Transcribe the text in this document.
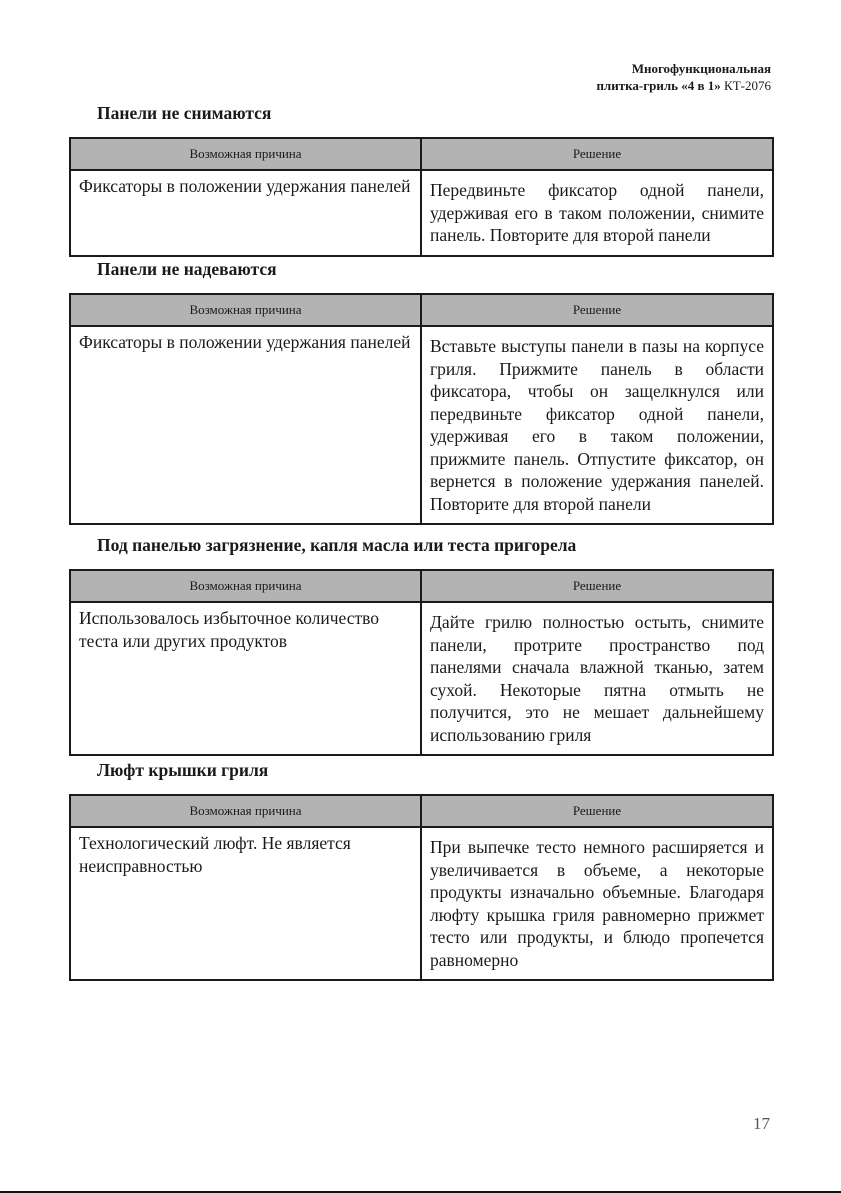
Многофункциональная
плитка-гриль «4 в 1» КТ-2076
Панели не снимаются
Возможная причина	Решение
Фиксаторы в положении удержания панелей	Передвиньте фиксатор одной панели, удерживая его в таком положении, снимите панель. Повторите для второй панели
Панели не надеваются
Возможная причина	Решение
Фиксаторы в положении удержания панелей	Вставьте выступы панели в пазы на корпусе гриля. Прижмите панель в области фиксатора, чтобы он защелкнулся или передвиньте фиксатор одной панели, удерживая его в таком положении, прижмите панель. Отпустите фиксатор, он вернется в положение удержания панелей. Повторите для второй панели
Под панелью загрязнение, капля масла или теста пригорела
Возможная причина	Решение
Использовалось избыточное количество теста или других продуктов	Дайте грилю полностью остыть, снимите панели, протрите пространство под панелями сначала влажной тканью, затем сухой. Некоторые пятна отмыть не получится, это не мешает дальнейшему использованию гриля
Люфт крышки гриля
Возможная причина	Решение
Технологический люфт. Не является неисправностью	При выпечке тесто немного расширяется и увеличивается в объеме, а некоторые продукты изначально объемные. Благодаря люфту крышка гриля равномерно прижмет тесто или продукты, и блюдо пропечется равномерно
17
